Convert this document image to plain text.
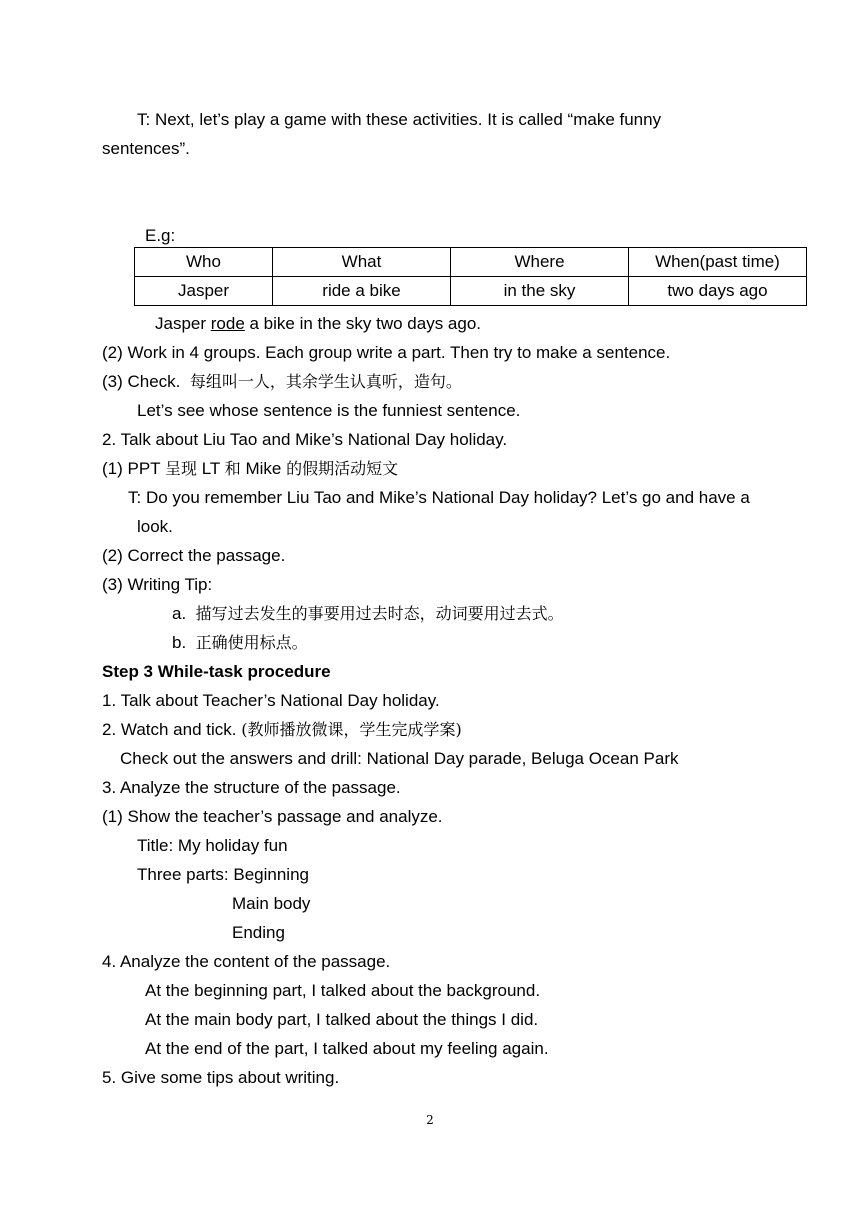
T: Next, let’s play a game with these activities. It is called “make funny
sentences”.
E.g:
Who	What	Where	When(past time)
Jasper	ride a bike	in the sky	two days ago
Jasper rode a bike in the sky two days ago.
(2) Work in 4 groups. Each group write a part. Then try to make a sentence.
(3) Check. 每组叫一人，其余学生认真听，造句。
Let’s see whose sentence is the funniest sentence.
2. Talk about Liu Tao and Mike’s National Day holiday.
(1) PPT 呈现 LT 和 Mike 的假期活动短文
T: Do you remember Liu Tao and Mike’s National Day holiday? Let’s go and have a
look.
(2) Correct the passage.
(3) Writing Tip:
a. 描写过去发生的事要用过去时态，动词要用过去式。
b. 正确使用标点。
Step 3 While-task procedure
1. Talk about Teacher’s National Day holiday.
2. Watch and tick. (教师播放微课，学生完成学案)
Check out the answers and drill: National Day parade, Beluga Ocean Park
3. Analyze the structure of the passage.
(1) Show the teacher’s passage and analyze.
Title: My holiday fun
Three parts: Beginning
Main body
Ending
4. Analyze the content of the passage.
At the beginning part, I talked about the background.
At the main body part, I talked about the things I did.
At the end of the part, I talked about my feeling again.
5. Give some tips about writing.
2
